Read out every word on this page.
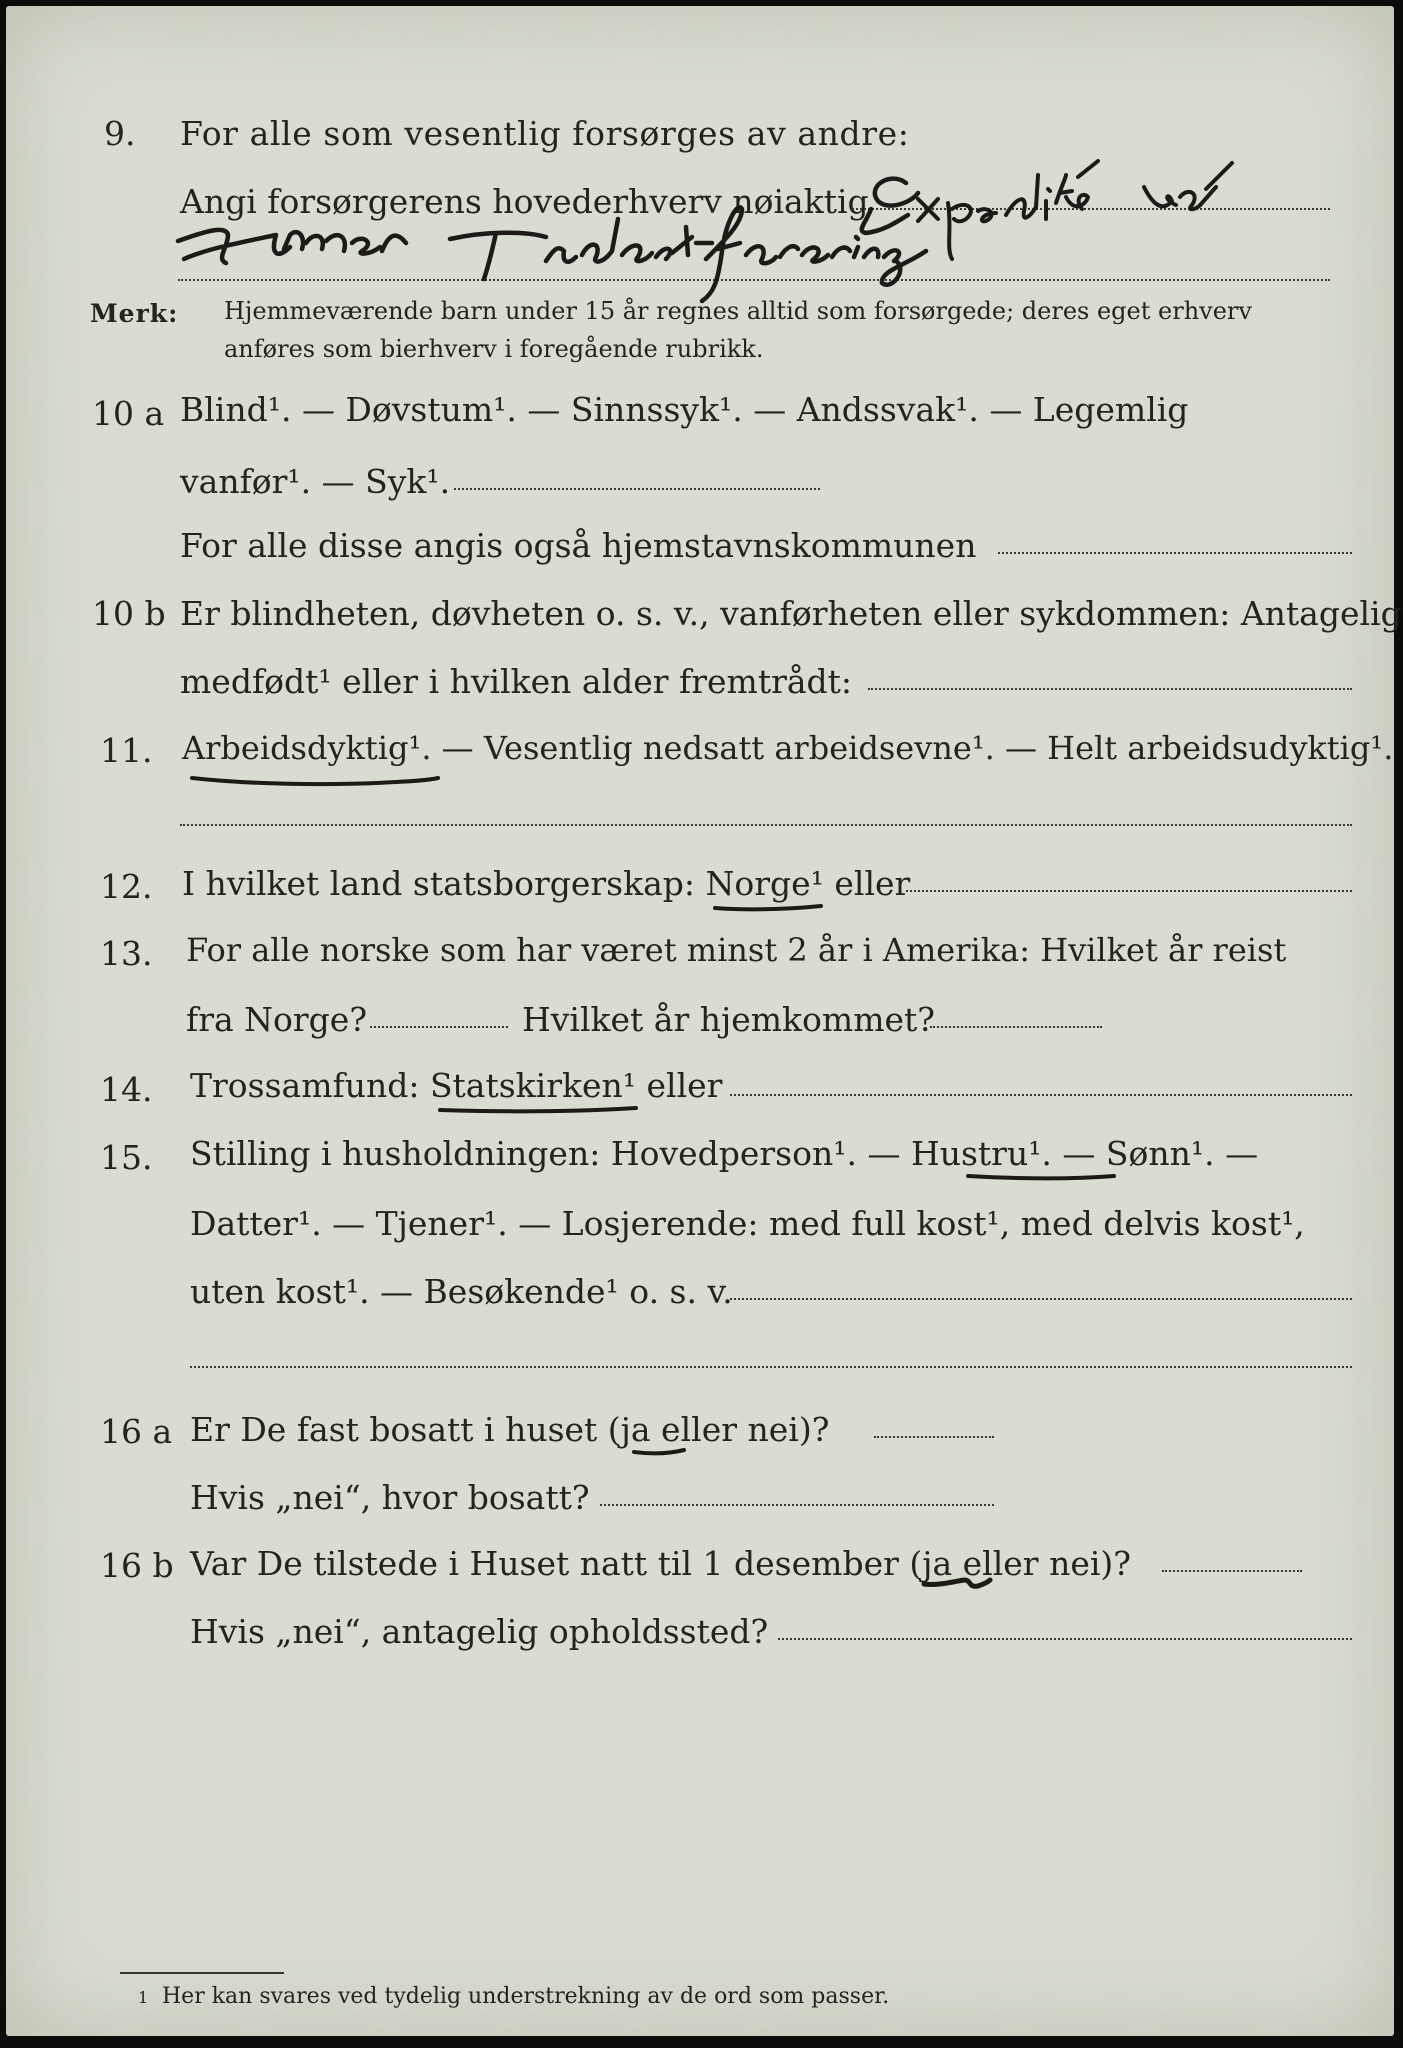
9. For alle som vesentlig forsørges av andre:
Angi forsørgerens hovederhverv nøiaktig
Merk: Hjemmeværende barn under 15 år regnes alltid som forsørgede; deres eget erhverv
anføres som bierhverv i foregående rubrikk.
10 a Blind¹. — Døvstum¹. — Sinnssyk¹. — Andssvak¹. — Legemlig
vanfør¹. — Syk¹.
For alle disse angis også hjemstavnskommunen
10 b Er blindheten, døvheten o. s. v., vanførheten eller sykdommen: Antagelig
medfødt¹ eller i hvilken alder fremtrådt:
11. Arbeidsdyktig¹. — Vesentlig nedsatt arbeidsevne¹. — Helt arbeidsudyktig¹.
12. I hvilket land statsborgerskap: Norge¹ eller
13. For alle norske som har været minst 2 år i Amerika: Hvilket år reist
fra Norge?	Hvilket år hjemkommet?
14. Trossamfund: Statskirken¹ eller
15. Stilling i husholdningen: Hovedperson¹. — Hustru¹. — Sønn¹. —
Datter¹. — Tjener¹. — Losjerende: med full kost¹, med delvis kost¹,
uten kost¹. — Besøkende¹ o. s. v.
16 a Er De fast bosatt i huset (ja eller nei)?
Hvis „nei“, hvor bosatt?
16 b Var De tilstede i Huset natt til 1 desember (ja eller nei)?
Hvis „nei“, antagelig opholdssted?
1 Her kan svares ved tydelig understrekning av de ord som passer.
